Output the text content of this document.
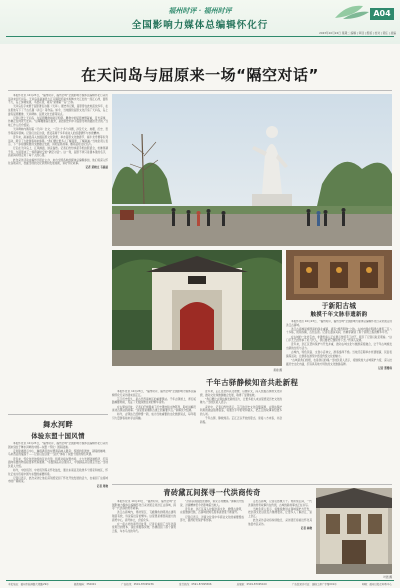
福州时评 · 福州时评
全国影响力媒体总编辑怀化行
A04
2023年10月24日 星期二 编辑 | 审读 | 组版 | 校对 | 责任 | 美编
在天问岛与屈原来一场“隔空对话”

本报怀化讯 10月23日，“福州时评，福州全城”全国影响力媒体总编辑怀化行采访活动来到天问岛。天问岛是溆浦县大江口镇附近溆水和舞水交汇处的一座江心洲，面积不大，岛上绿树成荫，鸟语花香，素有“楚湘第一岛”之称。

天问岛名字来源于屈原著名诗篇《天问》。据史料记载，屈原曾在此地流放多年，在这里他写下了千古名篇《涉江》等作品。如今，当地围绕屈原文化打造了天问岛，岛上建有屈原雕像、天问碑林、屈原文化长廊等景点。

记者们登上天问岛，在屈原雕像前驻足仰望。雕像中的屈原神情凝重，目光深邃，仿佛正在向苍天发问。“这尊雕像高达数米，是按照史料中对屈原形象的描述设计的。”当地工作人员介绍说。

天问碑林内镌刻着《天问》全文，一百七十多个问题，涉及天文、地理、历史、哲学等诸多领域。记者们边走边读，感受着两千多年前诗人的浪漫情怀与求索精神。

近年来，溆浦县深入挖掘屈原文化资源，举办屈原文化旅游节、端午龙舟赛等系列活动，吸引了大批游客前来参观。“我们要让更多人了解屈原，了解溆浦。”当地负责人表示，下一步将继续推进文旅融合发展，讲好屈原故事，擦亮屈原文化名片。

行走在天问岛上，江风拂面，绿意盎然。记者们纷纷拿起手机拍照留念，仿佛穿越千年，与屈原来了一场跨越时空的“隔空对话”。这一刻，屈原不再只是课本里的名字，而是真切地走进了每个人的心里。

此次采访活动由福州日报社主办，来自全国各地的媒体总编辑参加，他们将深入怀化各地采访，挖掘当地的文化资源和发展成就，讲好怀化故事。

记者 黄晓文 韦晨晨

于新阳古城
触摸千年文脉非遗新韵

本报怀化讯 10月23日，“福州时评，福州全城”全国影响力媒体总编辑怀化行采访团走进洪江古商城。

洪江古商城是湘西南的商业重镇，素有“湘西明珠”之称。古城内现存明清古建筑三百八十多栋，街巷纵横，古色古香。记者们漫步其间，仿佛穿越到了那个商贾云集的繁华年代。

在古城的一处老宅内，非遗传承人正在展示传统手工技艺，吸引了记者们驻足观看。“这门手艺已经传承了好几代人，我们要把它继续传下去。”传承人说道。

近年来，洪江区坚持保护与开发并重，推动古城文化与旅游深度融合，让千年古城焕发出新的生机与活力。

古城内，特色民宿、文创小店林立，游客络绎不绝。当地还定期举办非遗展演、民俗表演等活动，让游客在游览中感受传统文化的魅力。

“古城是我们的根，也是我们的魂。”当地负责人表示，将继续加大古城保护力度，深入挖掘历史文化内涵，打造具有地方特色的文化旅游品牌。

记者 郑雅琪

黄煌 摄
舞水河畔
体验东盟十国风情

本报怀化讯 10月23日，“福州时评，福州全城”全国影响力媒体总编辑怀化行采访团来到位于舞水河畔的中国—东盟（怀化）国际陆港。

走进陆港展示中心，琳琅满目的东盟商品映入眼帘：泰国的乳胶枕、越南的咖啡、马来西亚的榴莲干……记者们在这里“一站式”体验了东盟十国的特色风情。

近年来，怀化依托独特的区位优势，积极对接东盟市场，大力发展陆港经济，打造面向东盟的物流枢纽和贸易通道。“东盟商品从这里进入，中国商品从这里走出去。”当地负责人介绍。

如今，中欧班列、中老班列等从怀化始发，通达东南亚及欧洲多个国家和地区，怀化正成为连接中国与东盟的重要桥梁。

记者们表示，此次采访让他们深刻感受到了怀化开放发展的活力，也看到了这座城市的广阔前景。

记者 周晓

千年古驿静候知音共赴新程

本报怀化讯 10月23日，“福州时评，福州全城”全国影响力媒体总编辑怀化行采访团来到芷江。

芷江历史悠久，是古代西南地区的重要驿站。千年古驿道上，青石板路蜿蜒向前，见证了无数商旅往来的繁华景象。

在古驿站旧址，记者们仔细观看了历史遗迹和文物陈列，聆听讲解员讲述古驿站的故事。“这里曾是湘黔古道上的重要节点。”讲解员介绍道。

如今，古驿站已经修缮一新，成为当地重要的文化旅游景点，每年吸引大量游客前来寻古探幽。

近年来，芷江县坚持以文塑旅、以旅彰文，深入挖掘古驿道文化资源，推动文化和旅游融合发展，取得了显著成效。

“我们要让古驿站焕发新的活力，让更多的人来这里感受历史文化的魅力。”当地负责人表示。

采访中，记者们纷纷表示，芷江的历史文化底蕴深厚，古驿站保护利用的做法值得借鉴，将通过手中的笔和镜头，把芷江的故事讲给更多的人听。

千年古驿，静候知音。芷江正以开放的姿态，迎接八方来客，共赴新程。

青砖黛瓦间探寻一代洪商传奇

本报怀化讯 10月23日，“福州时评，福州全城”全国影响力媒体总编辑怀化行采访团走进洪江古商城，探寻一代洪商的传奇故事。

洪江古商城内，青砖黛瓦、飞檐翘角的明清古建筑错落有致，诉说着往昔的繁华。这里曾是湘西南最大的商贸中心，商号林立，会馆众多。

在一座古老的商号旧址里，记者们看到了当年洪商使用过的账本、钱庄票据等实物，仿佛回到了那个商贾云集、车水马龙的年代。

“洪商以诚信经营著称，讲究义利兼顾。”讲解员介绍说，洪商精神至今仍影响着当地人。

近年来，洪江区深入挖掘洪商文化，修缮古建筑，完善旅游设施，古商城的知名度和美誉度不断提升。

记者们表示，洪商文化是中华商业文化的重要组成部分，值得好好保护和传承。

走出古商城，记者们感慨万千。青砖黛瓦间，一代洪商的传奇故事仍在传颂，古城的新故事也正在书写。

当地负责人表示，将继续推进古商城保护与开发，把洪商文化这张名片擦得更亮，让更多人了解洪江、爱上洪江。

此次采访活动将持续数日，采访团还将前往怀化其他县市区采访。

记者 林晓

叶晨 摄
本报地址：福州市鼓屏路大楼路29号	邮政编码：350001	广告热线：0591-87095236	发行热线：0591-87095566	总编室：0591-87095100	广告经营许可证：闽榕工商广字第001号	印刷：福州日报社印务中心
